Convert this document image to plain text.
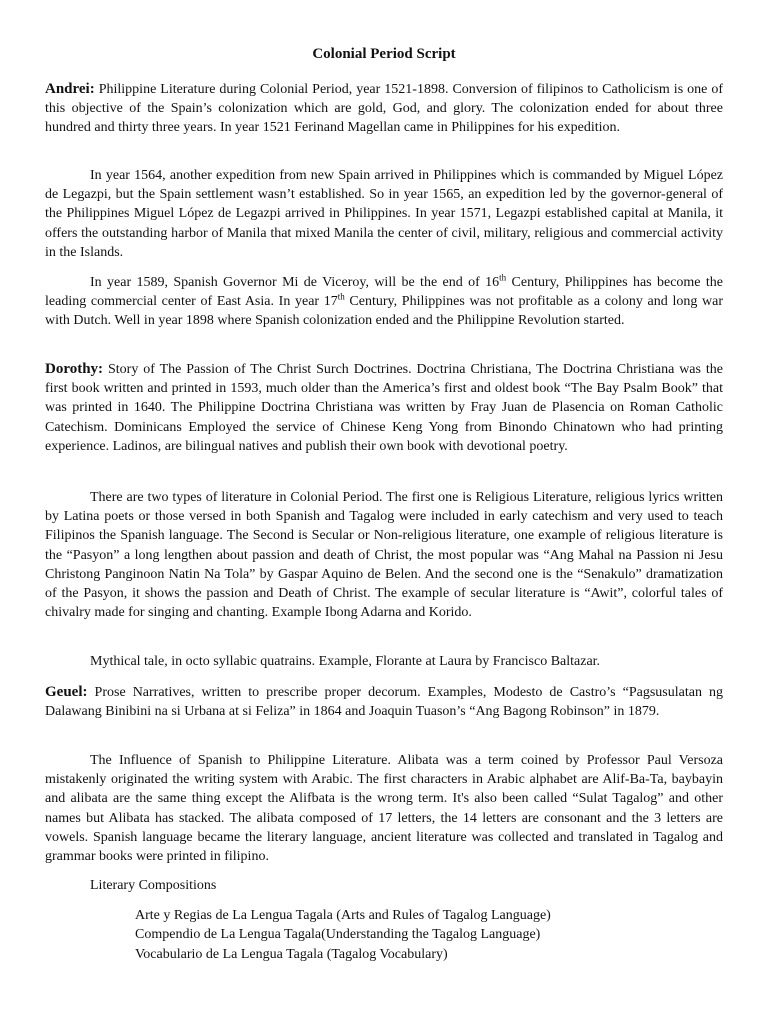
Colonial Period Script

Andrei: Philippine Literature during Colonial Period, year 1521-1898. Conversion of filipinos to Catholicism is one of this objective of the Spain’s colonization which are gold, God, and glory. The colonization ended for about three hundred and thirty three years. In year 1521 Ferinand Magellan came in Philippines for his expedition.

In year 1564, another expedition from new Spain arrived in Philippines which is commanded by Miguel López de Legazpi, but the Spain settlement wasn’t established. So in year 1565, an expedition led by the governor-general of the Philippines Miguel López de Legazpi arrived in Philippines. In year 1571, Legazpi established capital at Manila, it offers the outstanding harbor of Manila that mixed Manila the center of civil, military, religious and commercial activity in the Islands.

In year 1589, Spanish Governor Mi de Viceroy, will be the end of 16th Century, Philippines has become the leading commercial center of East Asia. In year 17th Century, Philippines was not profitable as a colony and long war with Dutch. Well in year 1898 where Spanish colonization ended and the Philippine Revolution started.

Dorothy: Story of The Passion of The Christ Surch Doctrines. Doctrina Christiana, The Doctrina Christiana was the first book written and printed in 1593, much older than the America’s first and oldest book “The Bay Psalm Book” that was printed in 1640. The Philippine Doctrina Christiana was written by Fray Juan de Plasencia on Roman Catholic Catechism. Dominicans Employed the service of Chinese Keng Yong from Binondo Chinatown who had printing experience. Ladinos, are bilingual natives and publish their own book with devotional poetry.

There are two types of literature in Colonial Period. The first one is Religious Literature, religious lyrics written by Latina poets or those versed in both Spanish and Tagalog were included in early catechism and very used to teach Filipinos the Spanish language. The Second is Secular or Non-religious literature, one example of religious literature is the “Pasyon” a long lengthen about passion and death of Christ, the most popular was “Ang Mahal na Passion ni Jesu Christong Panginoon Natin Na Tola” by Gaspar Aquino de Belen. And the second one is the “Senakulo” dramatization of the Pasyon, it shows the passion and Death of Christ. The example of secular literature is “Awit”, colorful tales of chivalry made for singing and chanting. Example Ibong Adarna and Korido.

Mythical tale, in octo syllabic quatrains. Example, Florante at Laura by Francisco Baltazar.

Geuel: Prose Narratives, written to prescribe proper decorum. Examples, Modesto de Castro’s “Pagsusulatan ng Dalawang Binibini na si Urbana at si Feliza” in 1864 and Joaquin Tuason’s “Ang Bagong Robinson” in 1879.

The Influence of Spanish to Philippine Literature. Alibata was a term coined by Professor Paul Versoza mistakenly originated the writing system with Arabic. The first characters in Arabic alphabet are Alif-Ba-Ta, baybayin and alibata are the same thing except the Alifbata is the wrong term. It's also been called “Sulat Tagalog” and other names but Alibata has stacked. The alibata composed of 17 letters, the 14 letters are consonant and the 3 letters are vowels. Spanish language became the literary language, ancient literature was collected and translated in Tagalog and grammar books were printed in filipino.

Literary Compositions
Arte y Regias de La Lengua Tagala (Arts and Rules of Tagalog Language)
Compendio de La Lengua Tagala(Understanding the Tagalog Language)
Vocabulario de La Lengua Tagala (Tagalog Vocabulary)
